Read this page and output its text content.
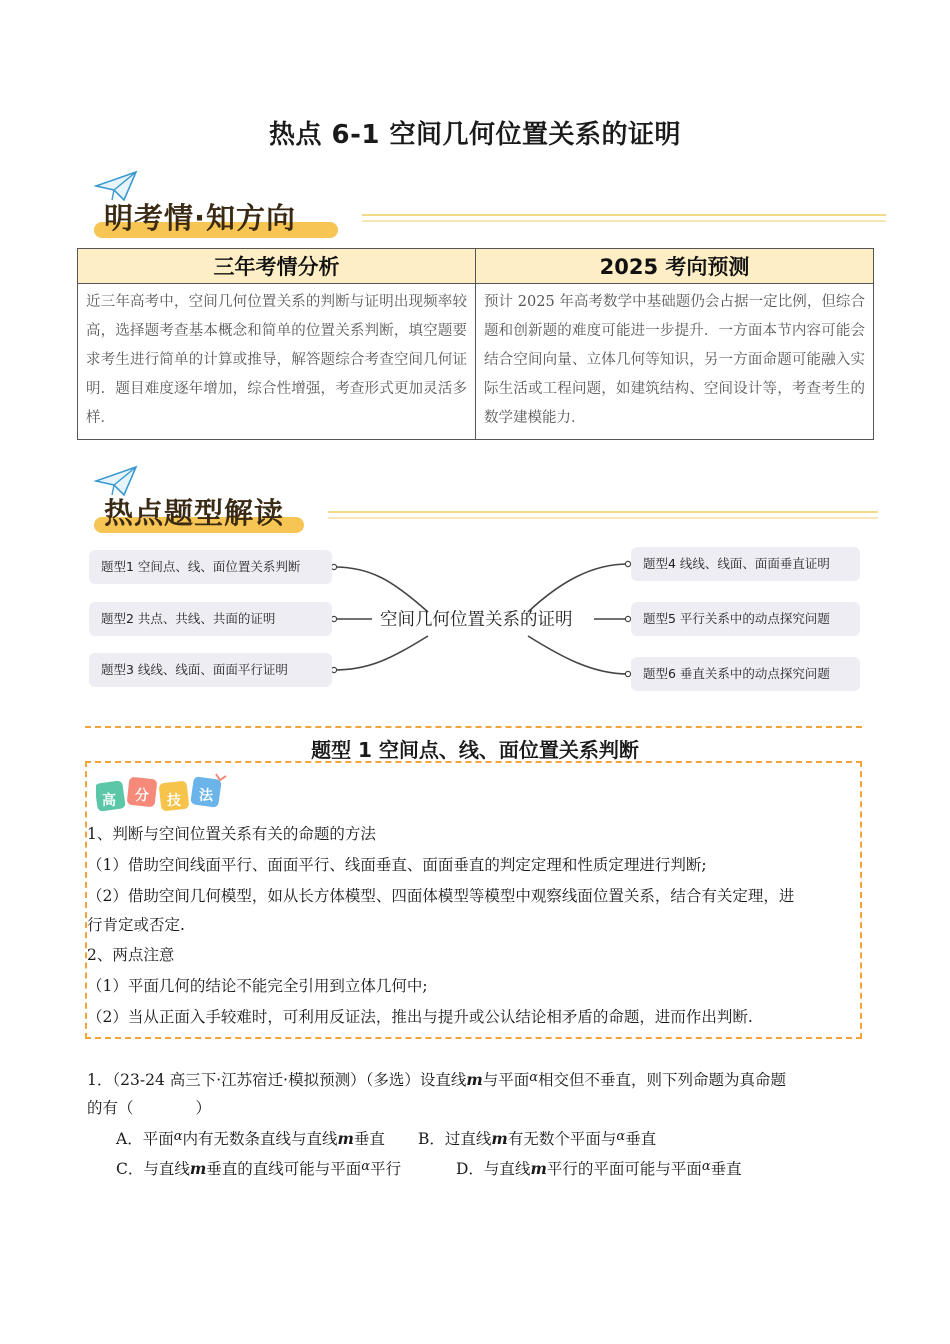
热点 6-1 空间几何位置关系的证明
明考情·知方向
三年考情分析	2025 考向预测
近三年高考中，空间几何位置关系的判断与证明出现频率较高，选择题考查基本概念和简单的位置关系判断，填空题要求考生进行简单的计算或推导，解答题综合考查空间几何证明．题目难度逐年增加，综合性增强，考查形式更加灵活多样．	预计 2025 年高考数学中基础题仍会占据一定比例，但综合题和创新题的难度可能进一步提升．一方面本节内容可能会结合空间向量、立体几何等知识，另一方面命题可能融入实际生活或工程问题，如建筑结构、空间设计等，考查考生的数学建模能力．
热点题型解读
题型1 空间点、线、面位置关系判断
题型2 共点、共线、共面的证明
题型3 线线、线面、面面平行证明
题型4 线线、线面、面面垂直证明
题型5 平行关系中的动点探究问题
题型6 垂直关系中的动点探究问题
空间几何位置关系的证明
题型 1 空间点、线、面位置关系判断
高 分 技 法
1、判断与空间位置关系有关的命题的方法
（1）借助空间线面平行、面面平行、线面垂直、面面垂直的判定定理和性质定理进行判断;
（2）借助空间几何模型，如从长方体模型、四面体模型等模型中观察线面位置关系，结合有关定理，进
行肯定或否定.
2、两点注意
（1）平面几何的结论不能完全引用到立体几何中;
（2）当从正面入手较难时，可利用反证法，推出与提升或公认结论相矛盾的命题，进而作出判断.
1．（23-24 高三下·江苏宿迁·模拟预测）（多选）设直线m与平面$^\alpha$相交但不垂直，则下列命题为真命题
的有（　　　　）
A．平面$^\alpha$内有无数条直线与直线m垂直 B．过直线m有无数个平面与$^\alpha$垂直
C．与直线m垂直的直线可能与平面$^\alpha$平行	D．与直线m平行的平面可能与平面$^\alpha$垂直
